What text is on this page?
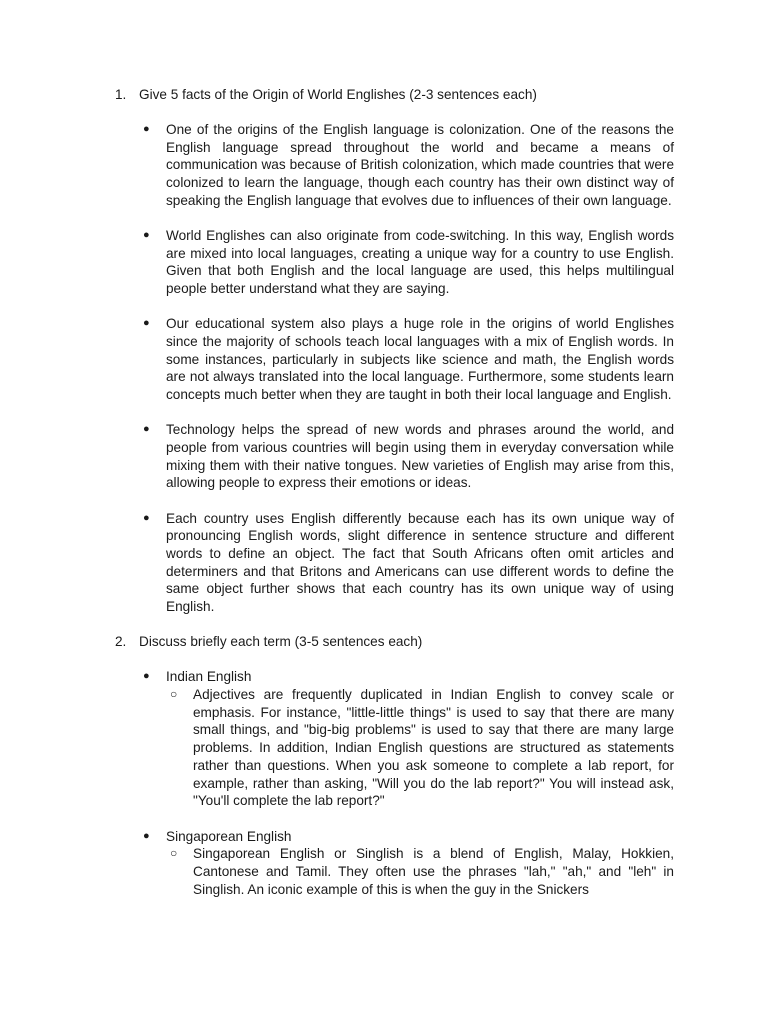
1. Give 5 facts of the Origin of World Englishes (2-3 sentences each)
●	One of the origins of the English language is colonization. One of the reasons the English language spread throughout the world and became a means of communication was because of British colonization, which made countries that were colonized to learn the language, though each country has their own distinct way of speaking the English language that evolves due to influences of their own language.
●	World Englishes can also originate from code-switching. In this way, English words are mixed into local languages, creating a unique way for a country to use English. Given that both English and the local language are used, this helps multilingual people better understand what they are saying.
●	Our educational system also plays a huge role in the origins of world Englishes since the majority of schools teach local languages with a mix of English words. In some instances, particularly in subjects like science and math, the English words are not always translated into the local language. Furthermore, some students learn concepts much better when they are taught in both their local language and English.
●	Technology helps the spread of new words and phrases around the world, and people from various countries will begin using them in everyday conversation while mixing them with their native tongues. New varieties of English may arise from this, allowing people to express their emotions or ideas.
●	Each country uses English differently because each has its own unique way of pronouncing English words, slight difference in sentence structure and different words to define an object. The fact that South Africans often omit articles and determiners and that Britons and Americans can use different words to define the same object further shows that each country has its own unique way of using English.
2. Discuss briefly each term (3-5 sentences each)
●	Indian English
○	Adjectives are frequently duplicated in Indian English to convey scale or emphasis. For instance, "little-little things" is used to say that there are many small things, and "big-big problems" is used to say that there are many large problems. In addition, Indian English questions are structured as statements rather than questions. When you ask someone to complete a lab report, for example, rather than asking, "Will you do the lab report?" You will instead ask, "You'll complete the lab report?"
●	Singaporean English
○	Singaporean English or Singlish is a blend of English, Malay, Hokkien, Cantonese and Tamil. They often use the phrases "lah," "ah," and "leh" in Singlish. An iconic example of this is when the guy in the Snickers
